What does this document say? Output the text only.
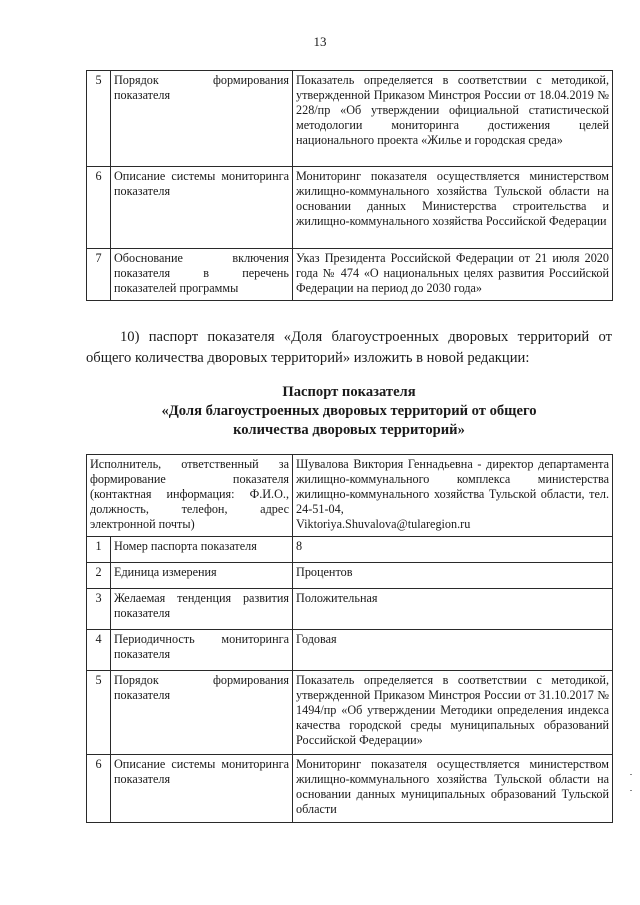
13
5	Порядок формирования показателя	Показатель определяется в соответствии с методикой, утвержденной Приказом Минстроя России от 18.04.2019 № 228/пр «Об утверждении официальной статистической методологии мониторинга достижения целей национального проекта «Жилье и городская среда»
6	Описание системы мониторинга показателя	Мониторинг показателя осуществляется министерством жилищно-коммунального хозяйства Тульской области на основании данных Министерства строительства и жилищно-коммунального хозяйства Российской Федерации
7	Обоснование включения показателя в перечень показателей программы	Указ Президента Российской Федерации от 21 июля 2020 года № 474 «О национальных целях развития Российской Федерации на период до 2030 года»
10) паспорт показателя «Доля благоустроенных дворовых территорий от общего количества дворовых территорий» изложить в новой редакции:
Паспорт показателя
«Доля благоустроенных дворовых территорий от общего
количества дворовых территорий»
Исполнитель, ответственный за формирование показателя (контактная информация: Ф.И.О., должность, телефон, адрес электронной почты)		Шувалова Виктория Геннадьевна - директор департамента жилищно-коммунального комплекса министерства жилищно-коммунального хозяйства Тульской области, тел. 24-51-04,
Viktoriya.Shuvalova@tularegion.ru

1	Номер паспорта показателя	8
2	Единица измерения	Процентов
3	Желаемая тенденция развития показателя	Положительная
4	Периодичность мониторинга показателя	Годовая
5	Порядок формирования показателя	Показатель определяется в соответствии с методикой, утвержденной Приказом Минстроя России от 31.10.2017 № 1494/пр «Об утверждении Методики определения индекса качества городской среды муниципальных образований Российской Федерации»
6	Описание системы мониторинга показателя	Мониторинг показателя осуществляется министерством жилищно-коммунального хозяйства Тульской области на основании данных муниципальных образований Тульской области
